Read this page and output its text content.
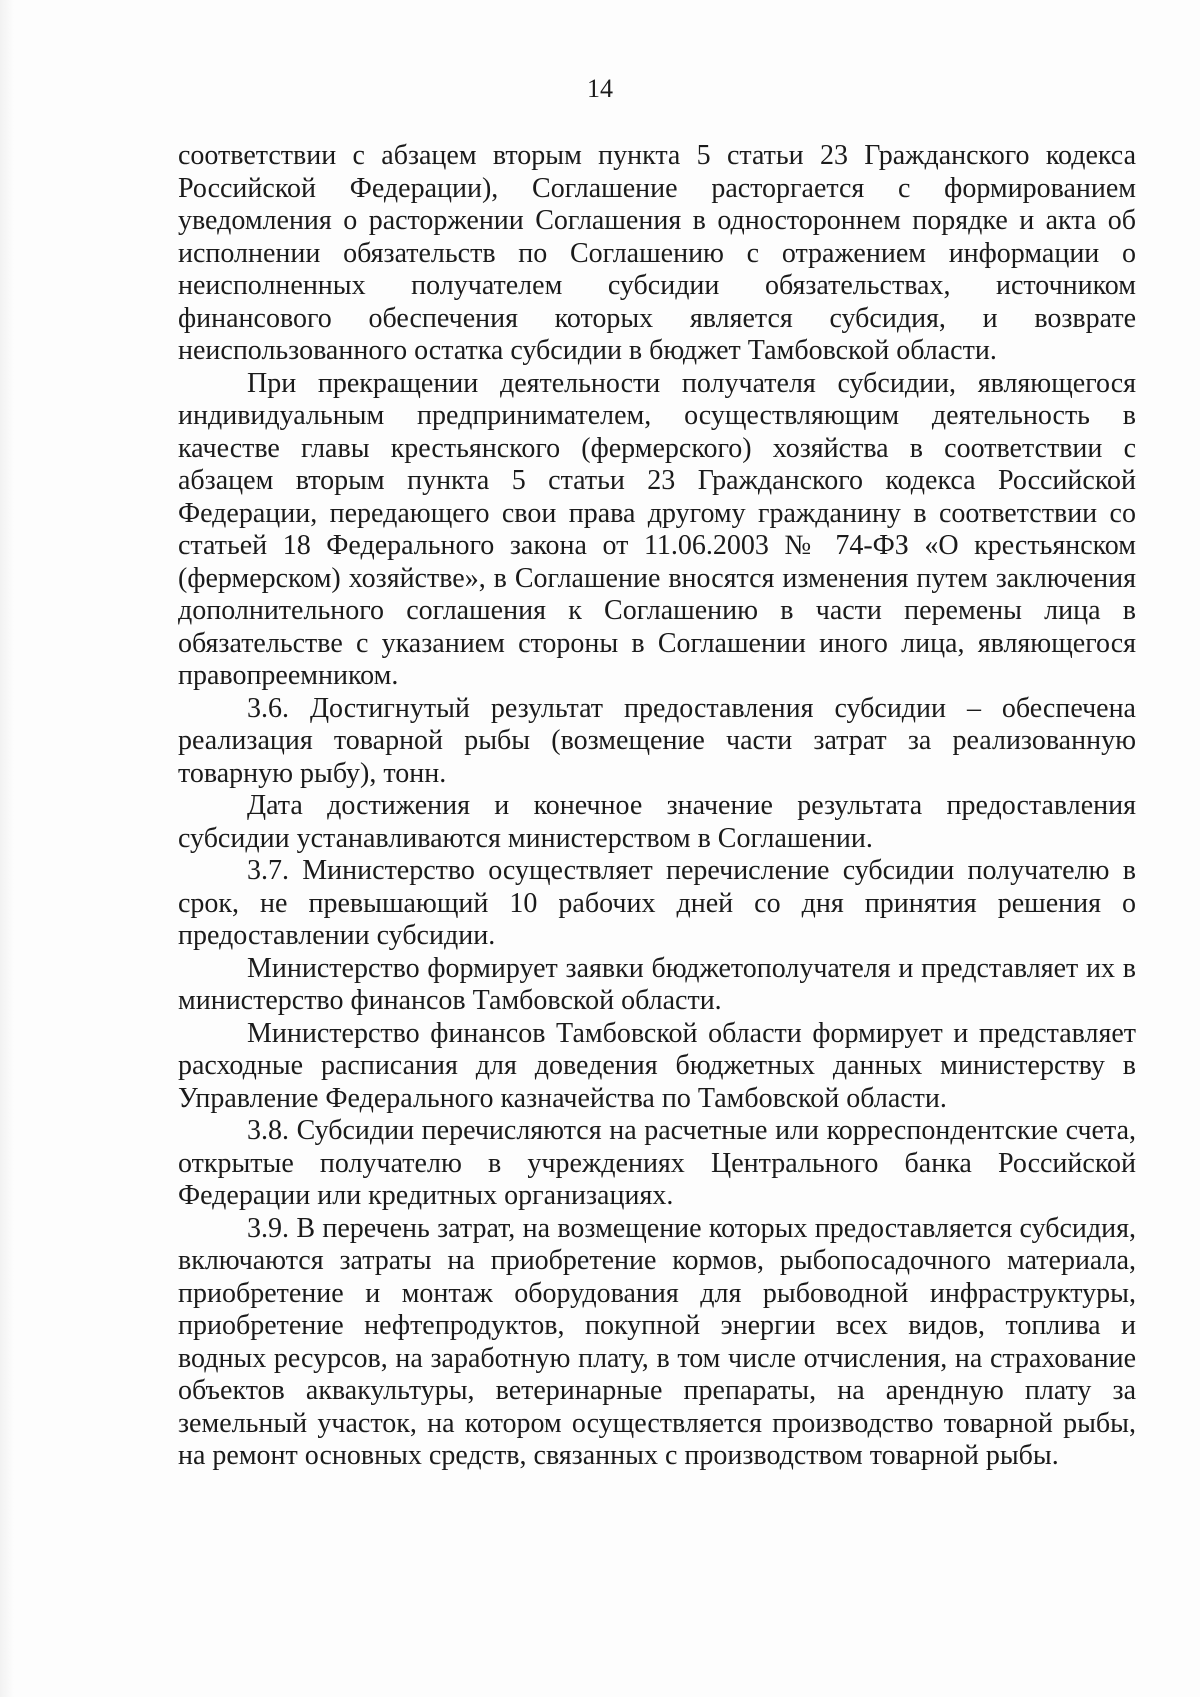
14

соответствии с абзацем вторым пункта 5 статьи 23 Гражданского кодекса Российской Федерации), Соглашение расторгается с формированием уведомления о расторжении Соглашения в одностороннем порядке и акта об исполнении обязательств по Соглашению с отражением информации о неисполненных получателем субсидии обязательствах, источником финансового обеспечения которых является субсидия, и возврате неиспользованного остатка субсидии в бюджет Тамбовской области.

При прекращении деятельности получателя субсидии, являющегося индивидуальным предпринимателем, осуществляющим деятельность в качестве главы крестьянского (фермерского) хозяйства в соответствии с абзацем вторым пункта 5 статьи 23 Гражданского кодекса Российской Федерации, передающего свои права другому гражданину в соответствии со статьей 18 Федерального закона от 11.06.2003 № 74-ФЗ «О крестьянском (фермерском) хозяйстве», в Соглашение вносятся изменения путем заключения дополнительного соглашения к Соглашению в части перемены лица в обязательстве с указанием стороны в Соглашении иного лица, являющегося правопреемником.

3.6. Достигнутый результат предоставления субсидии – обеспечена реализация товарной рыбы (возмещение части затрат за реализованную товарную рыбу), тонн.

Дата достижения и конечное значение результата предоставления субсидии устанавливаются министерством в Соглашении.

3.7. Министерство осуществляет перечисление субсидии получателю в срок, не превышающий 10 рабочих дней со дня принятия решения о предоставлении субсидии.

Министерство формирует заявки бюджетополучателя и представляет их в министерство финансов Тамбовской области.

Министерство финансов Тамбовской области формирует и представляет расходные расписания для доведения бюджетных данных министерству в Управление Федерального казначейства по Тамбовской области.

3.8. Субсидии перечисляются на расчетные или корреспондентские счета, открытые получателю в учреждениях Центрального банка Российской Федерации или кредитных организациях.

3.9. В перечень затрат, на возмещение которых предоставляется субсидия, включаются затраты на приобретение кормов, рыбопосадочного материала, приобретение и монтаж оборудования для рыбоводной инфраструктуры, приобретение нефтепродуктов, покупной энергии всех видов, топлива и водных ресурсов, на заработную плату, в том числе отчисления, на страхование объектов аквакультуры, ветеринарные препараты, на арендную плату за земельный участок, на котором осуществляется производство товарной рыбы, на ремонт основных средств, связанных с производством товарной рыбы.
